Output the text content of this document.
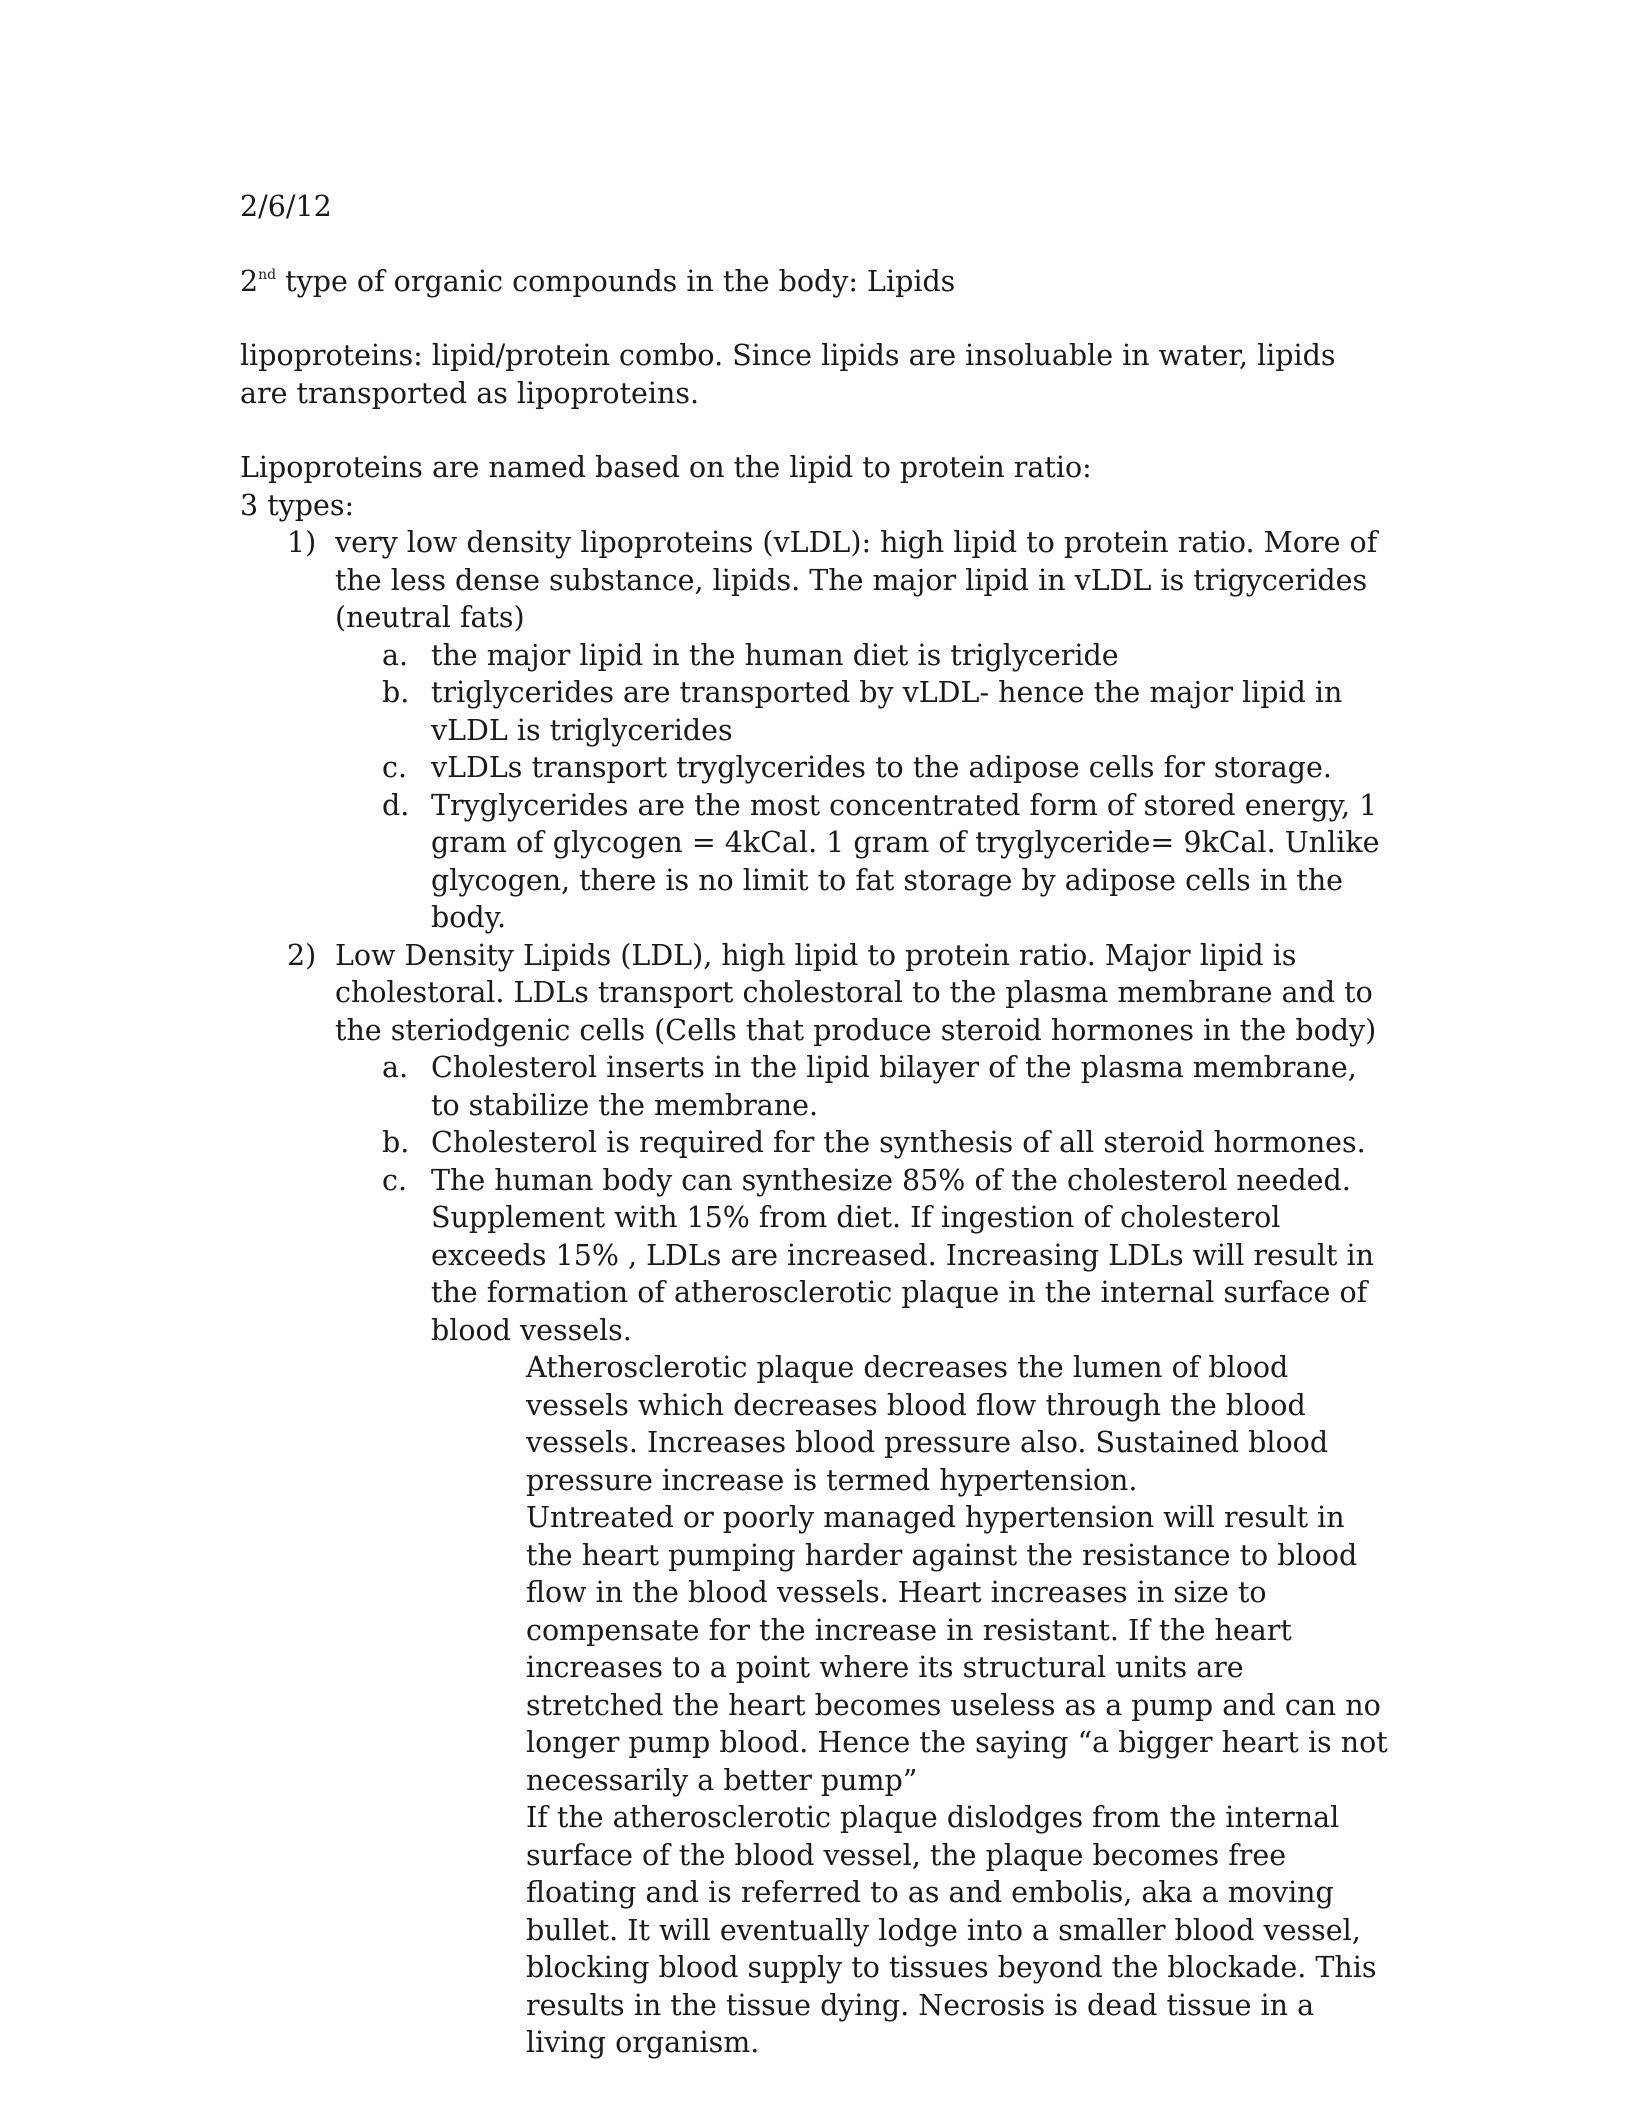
2/6/12

2nd type of organic compounds in the body: Lipids

lipoproteins: lipid/protein combo. Since lipids are insoluable in water, lipids are transported as lipoproteins.

Lipoproteins are named based on the lipid to protein ratio:

3 types:

1) very low density lipoproteins (vLDL): high lipid to protein ratio. More of the less dense substance, lipids. The major lipid in vLDL is trigycerides (neutral fats)
a. the major lipid in the human diet is triglyceride
b. triglycerides are transported by vLDL- hence the major lipid in vLDL is triglycerides
c. vLDLs transport tryglycerides to the adipose cells for storage.
d. Tryglycerides are the most concentrated form of stored energy, 1 gram of glycogen = 4kCal. 1 gram of tryglyceride= 9kCal. Unlike glycogen, there is no limit to fat storage by adipose cells in the body.
2) Low Density Lipids (LDL), high lipid to protein ratio. Major lipid is cholestoral. LDLs transport cholestoral to the plasma membrane and to the steriodgenic cells (Cells that produce steroid hormones in the body)
a. Cholesterol inserts in the lipid bilayer of the plasma membrane, to stabilize the membrane.
b. Cholesterol is required for the synthesis of all steroid hormones.
c. The human body can synthesize 85% of the cholesterol needed. Supplement with 15% from diet. If ingestion of cholesterol exceeds 15% , LDLs are increased. Increasing LDLs will result in the formation of atherosclerotic plaque in the internal surface of blood vessels.

Atherosclerotic plaque decreases the lumen of blood vessels which decreases blood flow through the blood vessels. Increases blood pressure also. Sustained blood pressure increase is termed hypertension.

Untreated or poorly managed hypertension will result in the heart pumping harder against the resistance to blood flow in the blood vessels. Heart increases in size to compensate for the increase in resistant. If the heart increases to a point where its structural units are stretched the heart becomes useless as a pump and can no longer pump blood. Hence the saying “a bigger heart is not necessarily a better pump”

If the atherosclerotic plaque dislodges from the internal surface of the blood vessel, the plaque becomes free floating and is referred to as and embolis, aka a moving bullet. It will eventually lodge into a smaller blood vessel, blocking blood supply to tissues beyond the blockade. This results in the tissue dying. Necrosis is dead tissue in a living organism.
